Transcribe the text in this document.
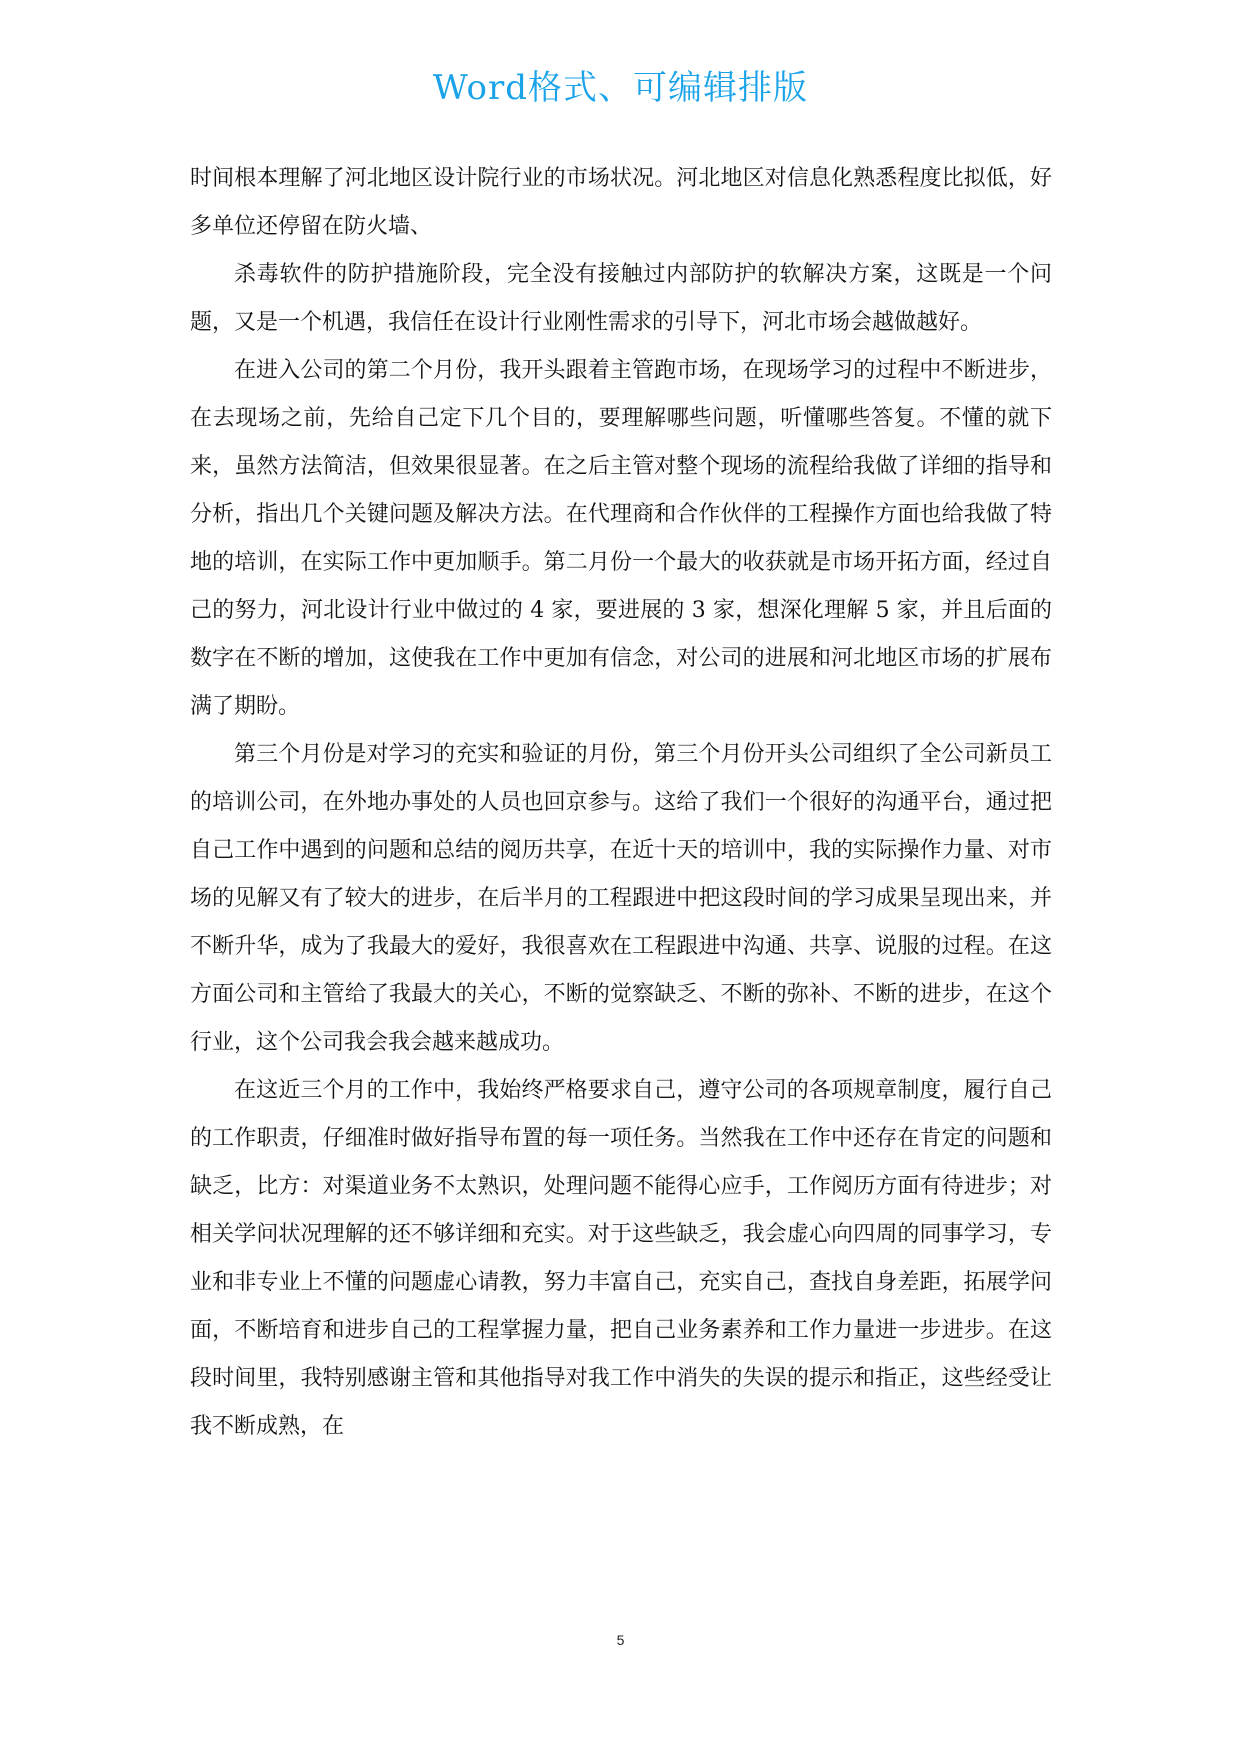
Word格式、可编辑排版

时间根本理解了河北地区设计院行业的市场状况。河北地区对信息化熟悉程度比拟低，好多单位还停留在防火墙、

杀毒软件的防护措施阶段，完全没有接触过内部防护的软解决方案，这既是一个问题，又是一个机遇，我信任在设计行业刚性需求的引导下，河北市场会越做越好。

在进入公司的第二个月份，我开头跟着主管跑市场，在现场学习的过程中不断进步，在去现场之前，先给自己定下几个目的，要理解哪些问题，听懂哪些答复。不懂的就下来，虽然方法简洁，但效果很显著。在之后主管对整个现场的流程给我做了详细的指导和分析，指出几个关键问题及解决方法。在代理商和合作伙伴的工程操作方面也给我做了特地的培训，在实际工作中更加顺手。第二月份一个最大的收获就是市场开拓方面，经过自己的努力，河北设计行业中做过的 4 家，要进展的 3 家，想深化理解 5 家，并且后面的数字在不断的增加，这使我在工作中更加有信念，对公司的进展和河北地区市场的扩展布满了期盼。

第三个月份是对学习的充实和验证的月份，第三个月份开头公司组织了全公司新员工的培训公司，在外地办事处的人员也回京参与。这给了我们一个很好的沟通平台，通过把自己工作中遇到的问题和总结的阅历共享，在近十天的培训中，我的实际操作力量、对市场的见解又有了较大的进步，在后半月的工程跟进中把这段时间的学习成果呈现出来，并不断升华，成为了我最大的爱好，我很喜欢在工程跟进中沟通、共享、说服的过程。在这方面公司和主管给了我最大的关心，不断的觉察缺乏、不断的弥补、不断的进步，在这个行业，这个公司我会我会越来越成功。

在这近三个月的工作中，我始终严格要求自己，遵守公司的各项规章制度，履行自己的工作职责，仔细准时做好指导布置的每一项任务。当然我在工作中还存在肯定的问题和缺乏，比方：对渠道业务不太熟识，处理问题不能得心应手，工作阅历方面有待进步；对相关学问状况理解的还不够详细和充实。对于这些缺乏，我会虚心向四周的同事学习，专业和非专业上不懂的问题虚心请教，努力丰富自己，充实自己，查找自身差距，拓展学问面，不断培育和进步自己的工程掌握力量，把自己业务素养和工作力量进一步进步。在这段时间里，我特别感谢主管和其他指导对我工作中消失的失误的提示和指正，这些经受让我不断成熟，在

5
